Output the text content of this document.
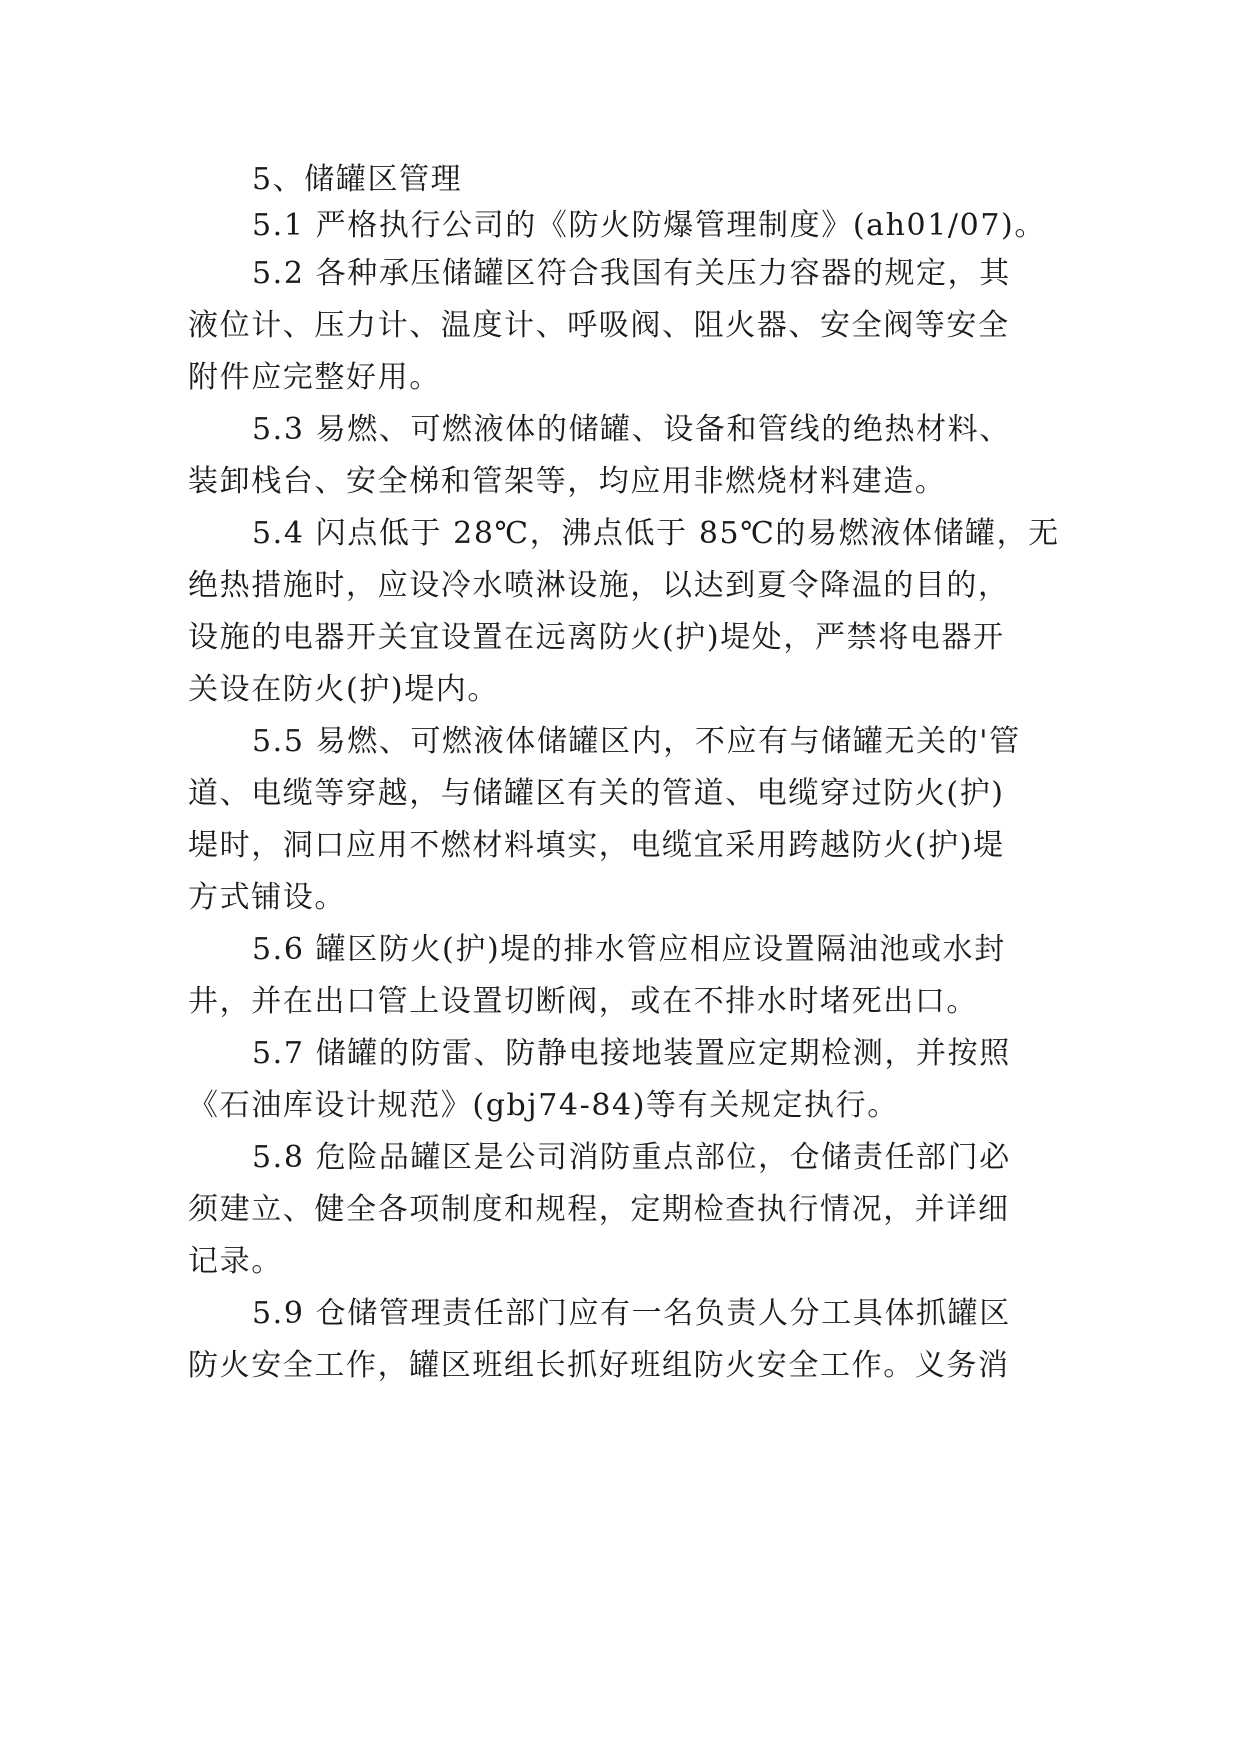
5、储罐区管理
5.1 严格执行公司的《防火防爆管理制度》(ah01/07)。
5.2 各种承压储罐区符合我国有关压力容器的规定，其
液位计、压力计、温度计、呼吸阀、阻火器、安全阀等安全
附件应完整好用。
5.3 易燃、可燃液体的储罐、设备和管线的绝热材料、
装卸栈台、安全梯和管架等，均应用非燃烧材料建造。
5.4 闪点低于 28℃，沸点低于 85℃的易燃液体储罐，无
绝热措施时，应设冷水喷淋设施，以达到夏令降温的目的，
设施的电器开关宜设置在远离防火(护)堤处，严禁将电器开
关设在防火(护)堤内。
5.5 易燃、可燃液体储罐区内，不应有与储罐无关的'管
道、电缆等穿越，与储罐区有关的管道、电缆穿过防火(护)
堤时，洞口应用不燃材料填实，电缆宜采用跨越防火(护)堤
方式铺设。
5.6 罐区防火(护)堤的排水管应相应设置隔油池或水封
井，并在出口管上设置切断阀，或在不排水时堵死出口。
5.7 储罐的防雷、防静电接地装置应定期检测，并按照
《石油库设计规范》(gbj74-84)等有关规定执行。
5.8 危险品罐区是公司消防重点部位，仓储责任部门必
须建立、健全各项制度和规程，定期检查执行情况，并详细
记录。
5.9 仓储管理责任部门应有一名负责人分工具体抓罐区
防火安全工作，罐区班组长抓好班组防火安全工作。义务消
